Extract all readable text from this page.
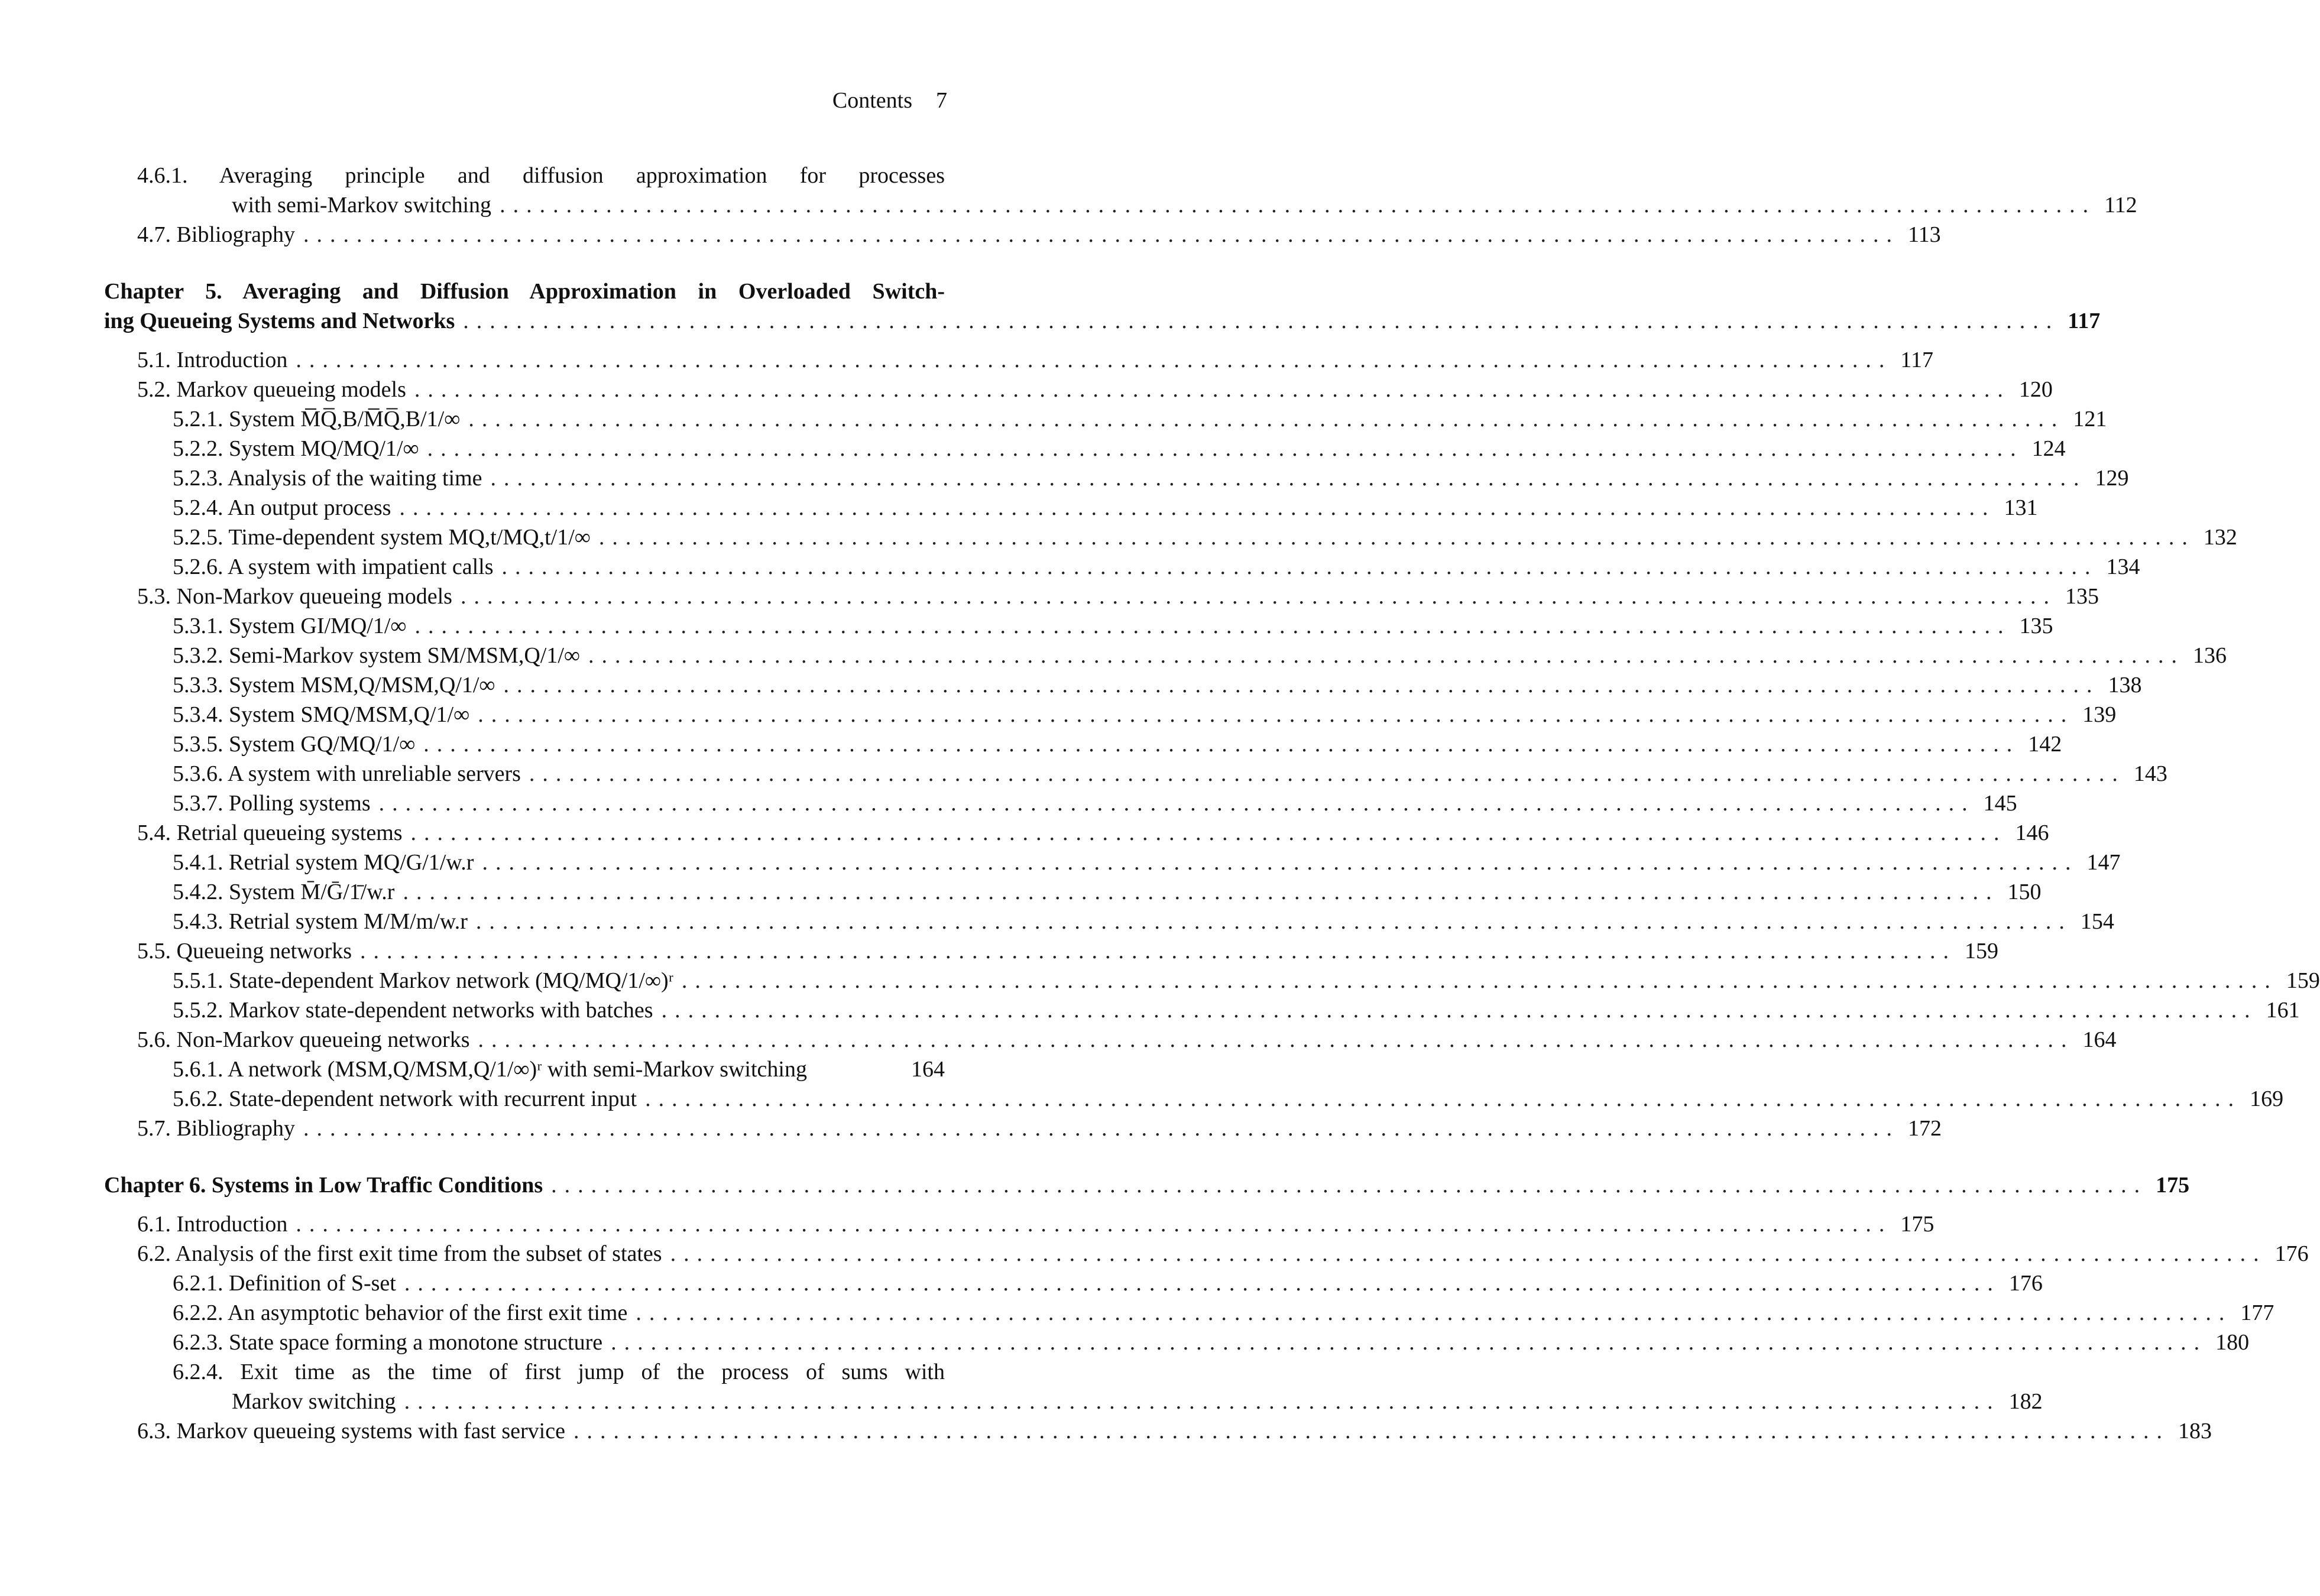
Contents 7
4.6.1. Averaging principle and diffusion approximation for processes
with semi-Markov switching ........................................................................................................................ 112
4.7. Bibliography ........................................................................................................................ 113
Chapter 5. Averaging and Diffusion Approximation in Overloaded Switch-
ing Queueing Systems and Networks ........................................................................................................................ 117
5.1. Introduction ........................................................................................................................ 117
5.2. Markov queueing models ........................................................................................................................ 120
5.2.1. System M̅Q̅,B/M̅Q̅,B/1/∞ ........................................................................................................................ 121
5.2.2. System MQ/MQ/1/∞ ........................................................................................................................ 124
5.2.3. Analysis of the waiting time ........................................................................................................................ 129
5.2.4. An output process ........................................................................................................................ 131
5.2.5. Time-dependent system MQ,t/MQ,t/1/∞ ........................................................................................................................ 132
5.2.6. A system with impatient calls ........................................................................................................................ 134
5.3. Non-Markov queueing models ........................................................................................................................ 135
5.3.1. System GI/MQ/1/∞ ........................................................................................................................ 135
5.3.2. Semi-Markov system SM/MSM,Q/1/∞ ........................................................................................................................ 136
5.3.3. System MSM,Q/MSM,Q/1/∞ ........................................................................................................................ 138
5.3.4. System SMQ/MSM,Q/1/∞ ........................................................................................................................ 139
5.3.5. System GQ/MQ/1/∞ ........................................................................................................................ 142
5.3.6. A system with unreliable servers ........................................................................................................................ 143
5.3.7. Polling systems ........................................................................................................................ 145
5.4. Retrial queueing systems ........................................................................................................................ 146
5.4.1. Retrial system MQ/G/1/w.r ........................................................................................................................ 147
5.4.2. System M̄/Ḡ/1̄/w.r ........................................................................................................................ 150
5.4.3. Retrial system M/M/m/w.r ........................................................................................................................ 154
5.5. Queueing networks ........................................................................................................................ 159
5.5.1. State-dependent Markov network (MQ/MQ/1/∞)ʳ ........................................................................................................................ 159
5.5.2. Markov state-dependent networks with batches ........................................................................................................................ 161
5.6. Non-Markov queueing networks ........................................................................................................................ 164
5.6.1. A network (MSM,Q/MSM,Q/1/∞)ʳ with semi-Markov switching	164
5.6.2. State-dependent network with recurrent input ........................................................................................................................ 169
5.7. Bibliography ........................................................................................................................ 172
Chapter 6. Systems in Low Traffic Conditions ........................................................................................................................ 175
6.1. Introduction ........................................................................................................................ 175
6.2. Analysis of the first exit time from the subset of states ........................................................................................................................ 176
6.2.1. Definition of S-set ........................................................................................................................ 176
6.2.2. An asymptotic behavior of the first exit time ........................................................................................................................ 177
6.2.3. State space forming a monotone structure ........................................................................................................................ 180
6.2.4. Exit time as the time of first jump of the process of sums with
Markov switching ........................................................................................................................ 182
6.3. Markov queueing systems with fast service ........................................................................................................................ 183
